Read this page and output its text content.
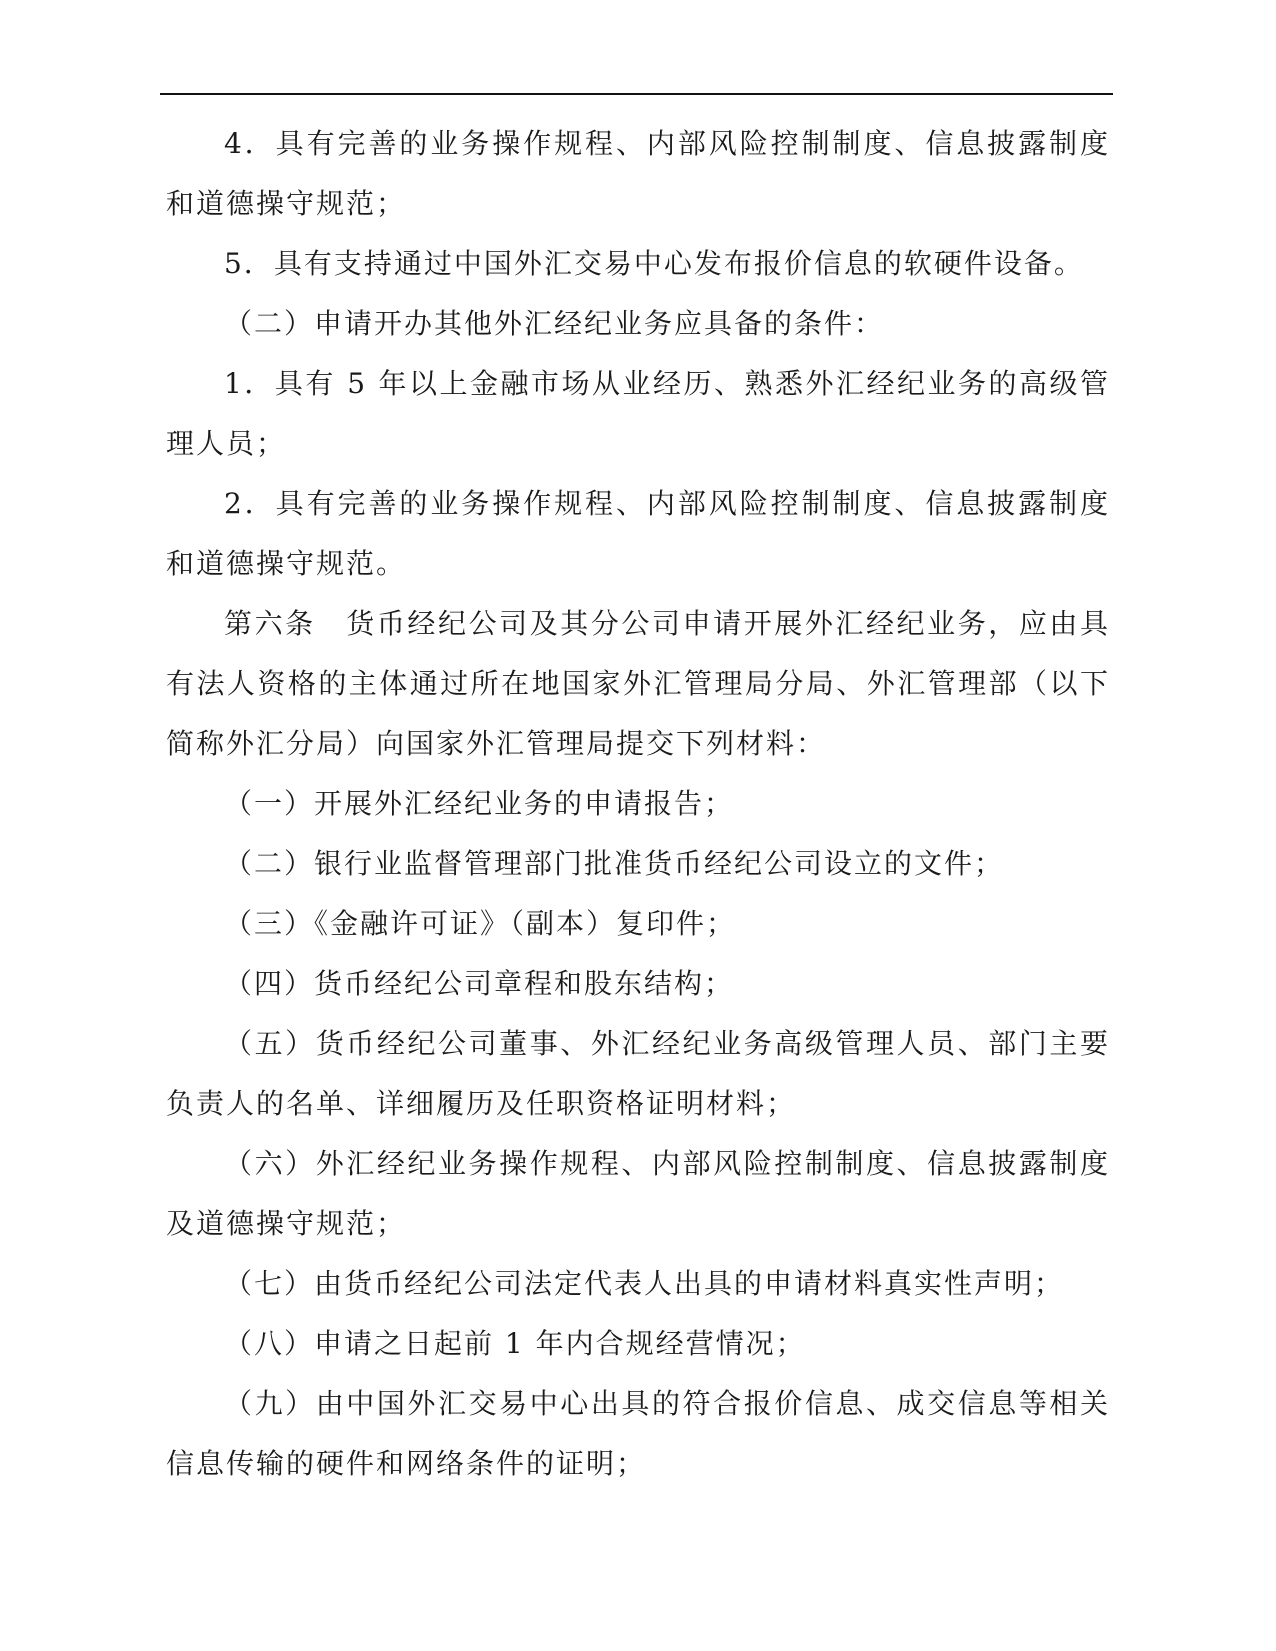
4．具有完善的业务操作规程、内部风险控制制度、信息披露制度和道德操守规范；

5．具有支持通过中国外汇交易中心发布报价信息的软硬件设备。

（二）申请开办其他外汇经纪业务应具备的条件：

1．具有 5 年以上金融市场从业经历、熟悉外汇经纪业务的高级管理人员；

2．具有完善的业务操作规程、内部风险控制制度、信息披露制度和道德操守规范。

第六条　货币经纪公司及其分公司申请开展外汇经纪业务，应由具有法人资格的主体通过所在地国家外汇管理局分局、外汇管理部（以下简称外汇分局）向国家外汇管理局提交下列材料：

（一）开展外汇经纪业务的申请报告；

（二）银行业监督管理部门批准货币经纪公司设立的文件；

（三）《金融许可证》（副本）复印件；

（四）货币经纪公司章程和股东结构；

（五）货币经纪公司董事、外汇经纪业务高级管理人员、部门主要负责人的名单、详细履历及任职资格证明材料；

（六）外汇经纪业务操作规程、内部风险控制制度、信息披露制度及道德操守规范；

（七）由货币经纪公司法定代表人出具的申请材料真实性声明；

（八）申请之日起前 1 年内合规经营情况；

（九）由中国外汇交易中心出具的符合报价信息、成交信息等相关信息传输的硬件和网络条件的证明；
